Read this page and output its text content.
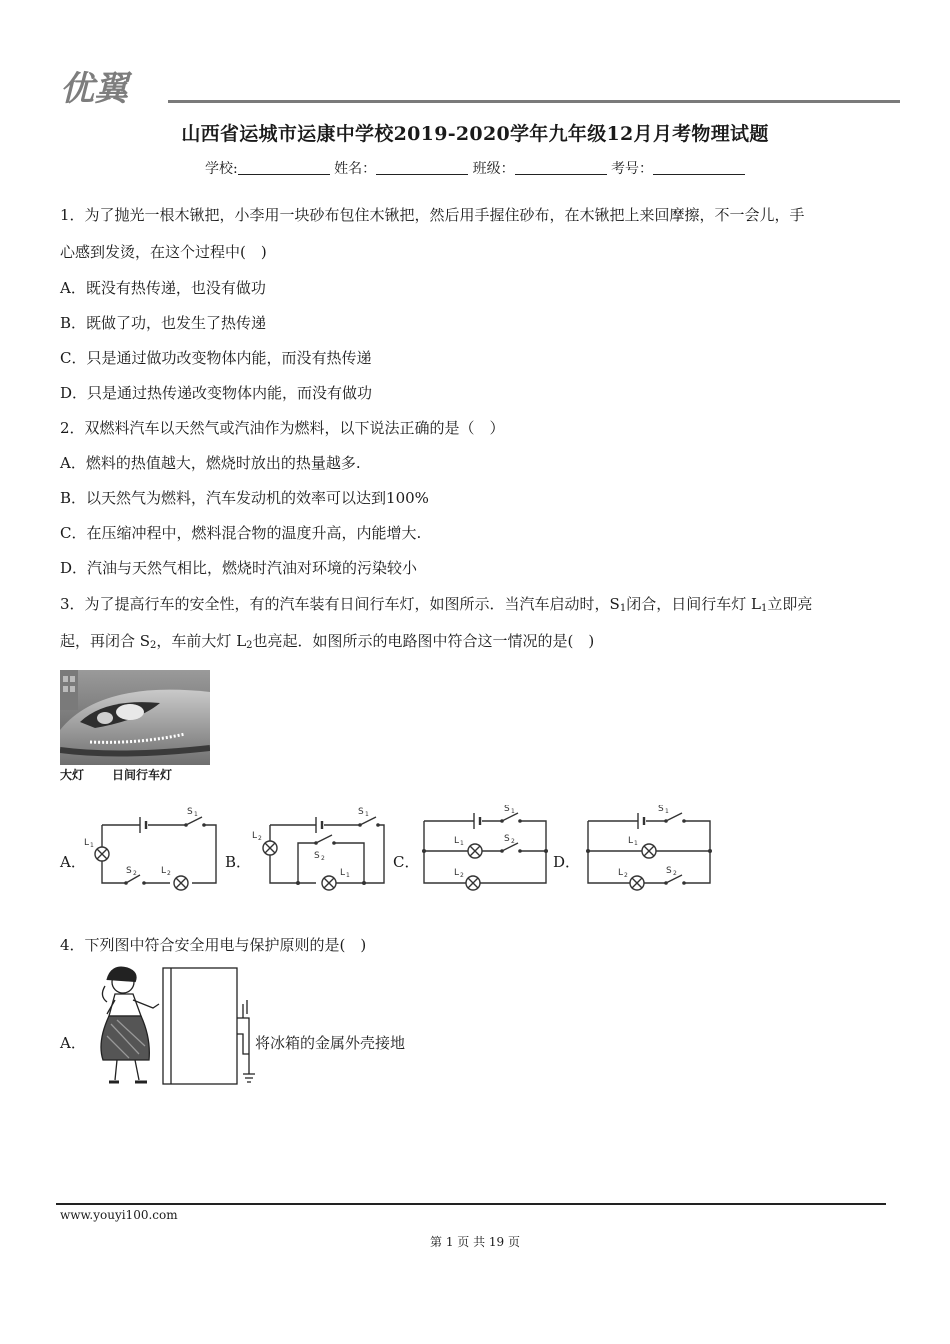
优翼
山西省运城市运康中学校2019-2020学年九年级12月月考物理试题
学校:	姓名：	班级：	考号：
1．为了抛光一根木锹把，小李用一块砂布包住木锹把，然后用手握住砂布，在木锹把上来回摩擦，不一会儿，手
心感到发烫，在这个过程中(　)
A．既没有热传递，也没有做功
B．既做了功，也发生了热传递
C．只是通过做功改变物体内能，而没有热传递
D．只是通过热传递改变物体内能，而没有做功
2．双燃料汽车以天然气或汽油作为燃料，以下说法正确的是（　）
A．燃料的热值越大，燃烧时放出的热量越多.
B．以天然气为燃料，汽车发动机的效率可以达到100%
C．在压缩冲程中，燃料混合物的温度升高，内能增大.
D．汽油与天然气相比，燃烧时汽油对环境的污染较小
3．为了提高行车的安全性，有的汽车装有日间行车灯，如图所示．当汽车启动时，$S_1$闭合，日间行车灯 $L_1$立即亮
起，再闭合 $S_2$，车前大灯 $L_2$也亮起．如图所示的电路图中符合这一情况的是(　)
大灯 日间行车灯
A．	B．	C．	D．
S 1
L 1
S 2	L 2
S 1
L 2
S 2
L 1
S 1
L 1	S 2
L 2
S 1
L 1
S 2
L 2
4．下列图中符合安全用电与保护原则的是(　)
A．	将冰箱的金属外壳接地
www.youyi100.com
第 1 页 共 19 页
